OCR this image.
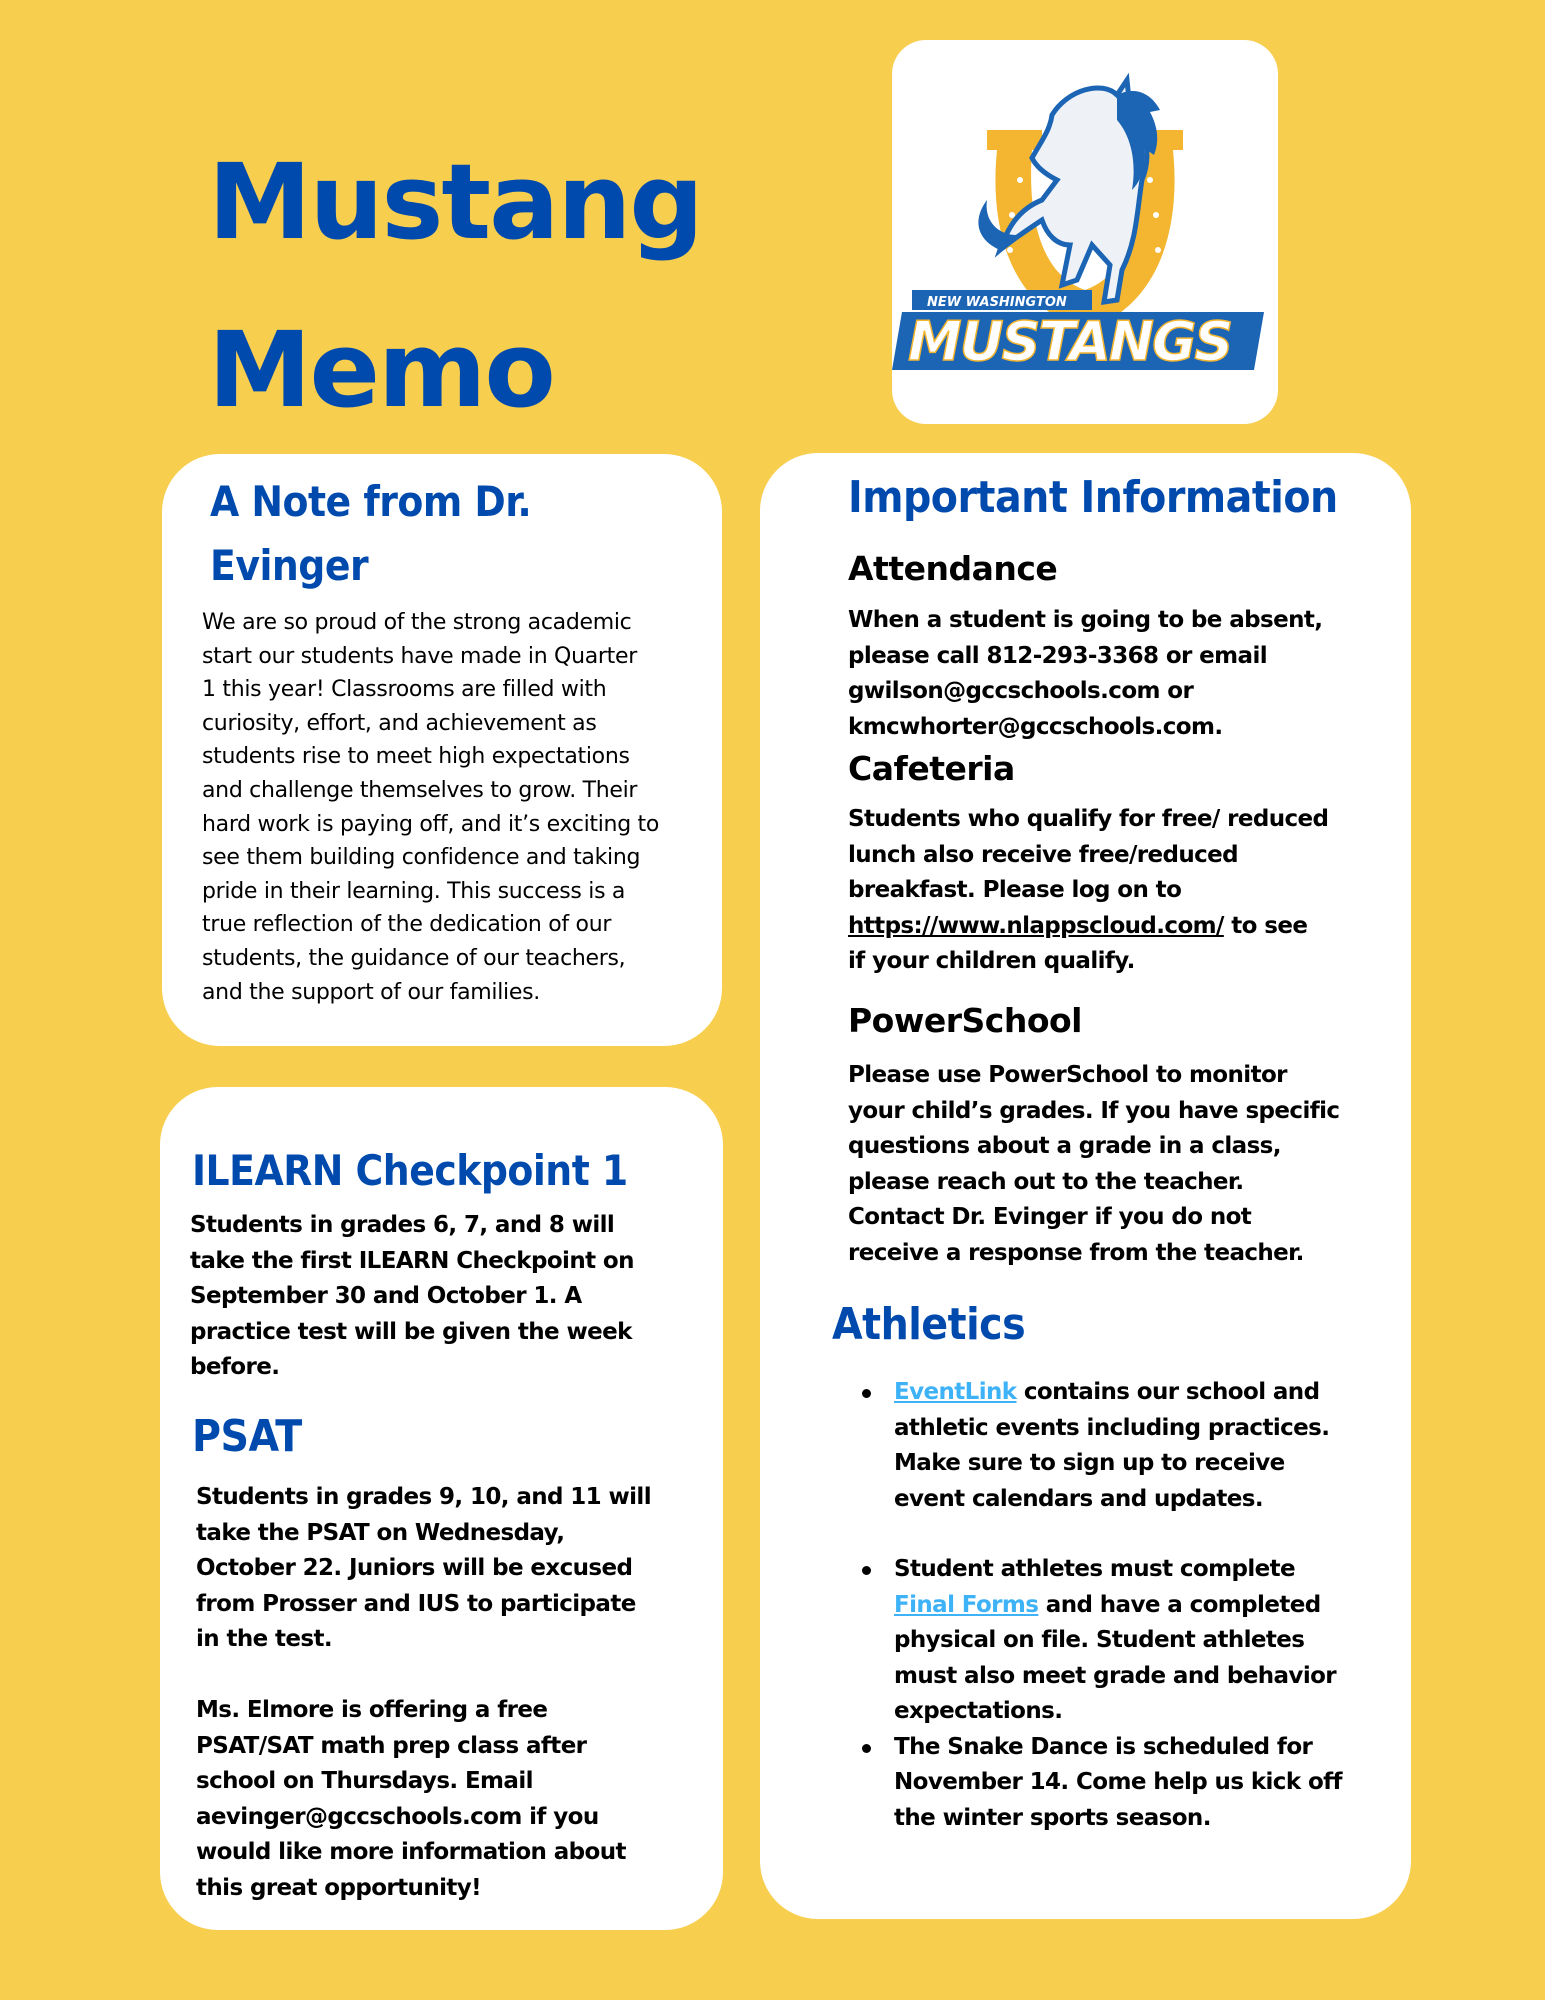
Mustang
Memo
NEW WASHINGTON
MUSTANGS
A Note from Dr.
Evinger
We are so proud of the strong academic
start our students have made in Quarter
1 this year! Classrooms are filled with
curiosity, effort, and achievement as
students rise to meet high expectations
and challenge themselves to grow. Their
hard work is paying off, and it’s exciting to
see them building confidence and taking
pride in their learning. This success is a
true reflection of the dedication of our
students, the guidance of our teachers,
and the support of our families.
ILEARN Checkpoint 1
Students in grades 6, 7, and 8 will
take the first ILEARN Checkpoint on
September 30 and October 1. A
practice test will be given the week
before.
PSAT
Students in grades 9, 10, and 11 will
take the PSAT on Wednesday,
October 22. Juniors will be excused
from Prosser and IUS to participate
in the test.
Ms. Elmore is offering a free
PSAT/SAT math prep class after
school on Thursdays. Email
aevinger@gccschools.com if you
would like more information about
this great opportunity!
Important Information
Attendance
When a student is going to be absent,
please call 812-293-3368 or email
gwilson@gccschools.com or
kmcwhorter@gccschools.com.
Cafeteria
Students who qualify for free/ reduced
lunch also receive free/reduced
breakfast. Please log on to
https://www.nlappscloud.com/ to see
if your children qualify.
PowerSchool
Please use PowerSchool to monitor
your child’s grades. If you have specific
questions about a grade in a class,
please reach out to the teacher.
Contact Dr. Evinger if you do not
receive a response from the teacher.
Athletics
EventLink contains our school and
athletic events including practices.
Make sure to sign up to receive
event calendars and updates.
Student athletes must complete
Final Forms and have a completed
physical on file. Student athletes
must also meet grade and behavior
expectations.
The Snake Dance is scheduled for
November 14. Come help us kick off
the winter sports season.
